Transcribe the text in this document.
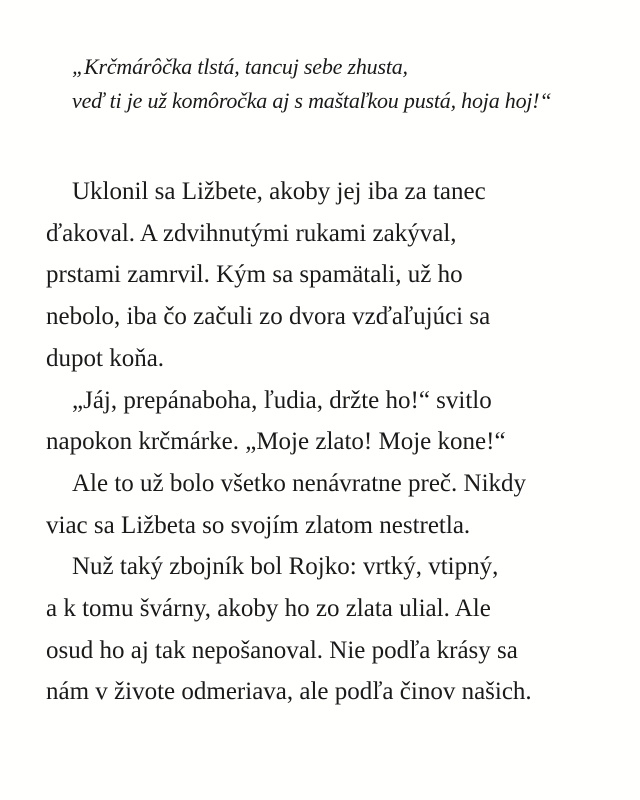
„Krčmárôčka tlstá, tancuj sebe zhusta,

veď ti je už komôročka aj s maštaľkou pustá, hoja hoj!“

Uklonil sa Ližbete, akoby jej iba za tanec

ďakoval. A zdvihnutými rukami zakýval,

prstami zamrvil. Kým sa spamätali, už ho

nebolo, iba čo začuli zo dvora vzďaľujúci sa

dupot koňa.

„Jáj, prepánaboha, ľudia, držte ho!“ svitlo

napokon krčmárke. „Moje zlato! Moje kone!“

Ale to už bolo všetko nenávratne preč. Nikdy

viac sa Ližbeta so svojím zlatom nestretla.

Nuž taký zbojník bol Rojko: vrtký, vtipný,

a k tomu švárny, akoby ho zo zlata ulial. Ale

osud ho aj tak nepošanoval. Nie podľa krásy sa

nám v živote odmeriava, ale podľa činov našich.
